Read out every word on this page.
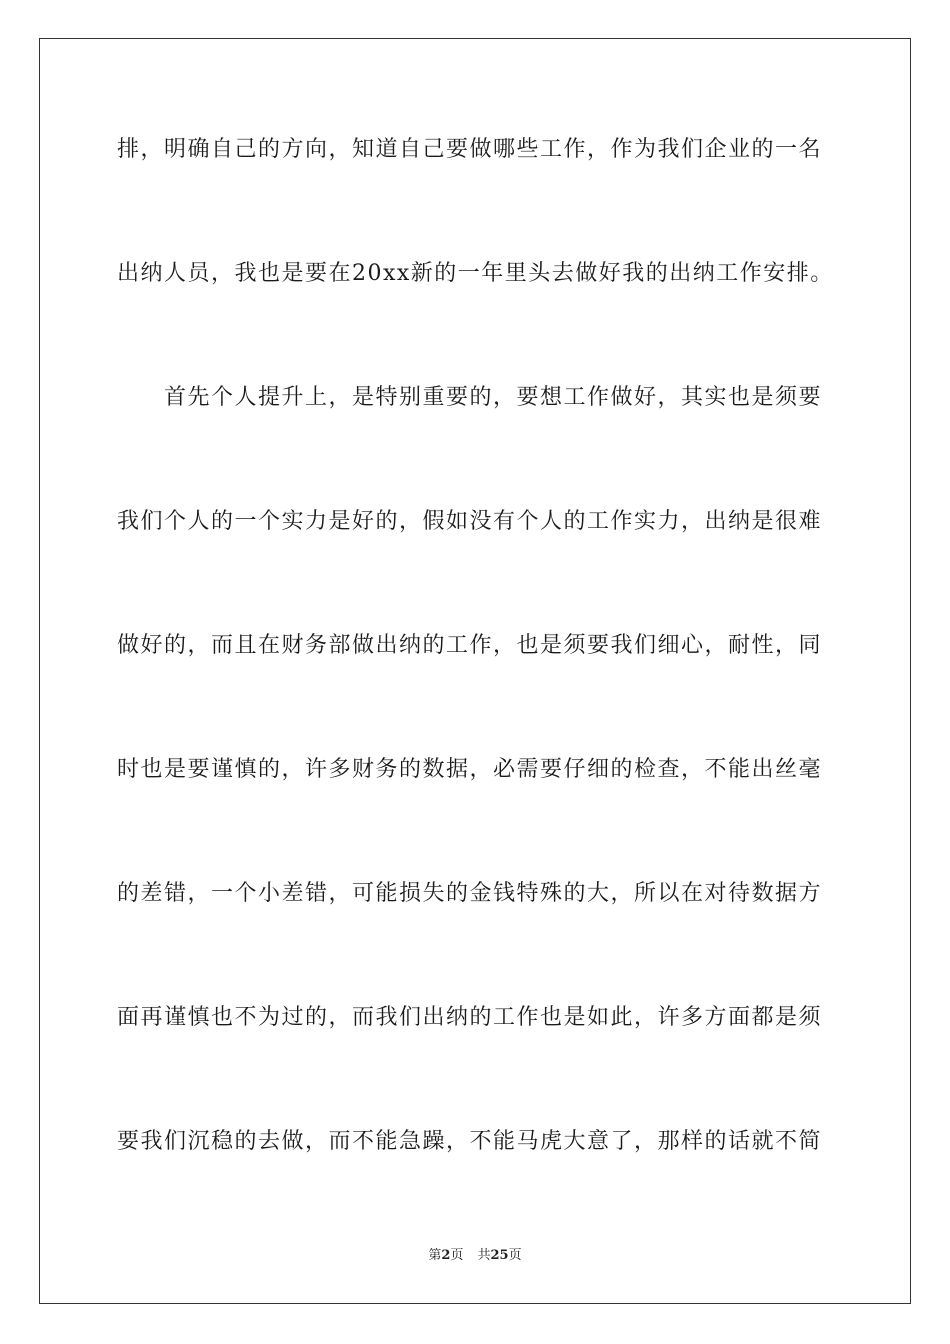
排，明确自己的方向，知道自己要做哪些工作，作为我们企业的一名
出纳人员，我也是要在20xx新的一年里头去做好我的出纳工作安排。
首先个人提升上，是特别重要的，要想工作做好，其实也是须要
我们个人的一个实力是好的，假如没有个人的工作实力，出纳是很难
做好的，而且在财务部做出纳的工作，也是须要我们细心，耐性，同
时也是要谨慎的，许多财务的数据，必需要仔细的检查，不能出丝毫
的差错，一个小差错，可能损失的金钱特殊的大，所以在对待数据方
面再谨慎也不为过的，而我们出纳的工作也是如此，许多方面都是须
要我们沉稳的去做，而不能急躁，不能马虎大意了，那样的话就不简
第2页 共25页
